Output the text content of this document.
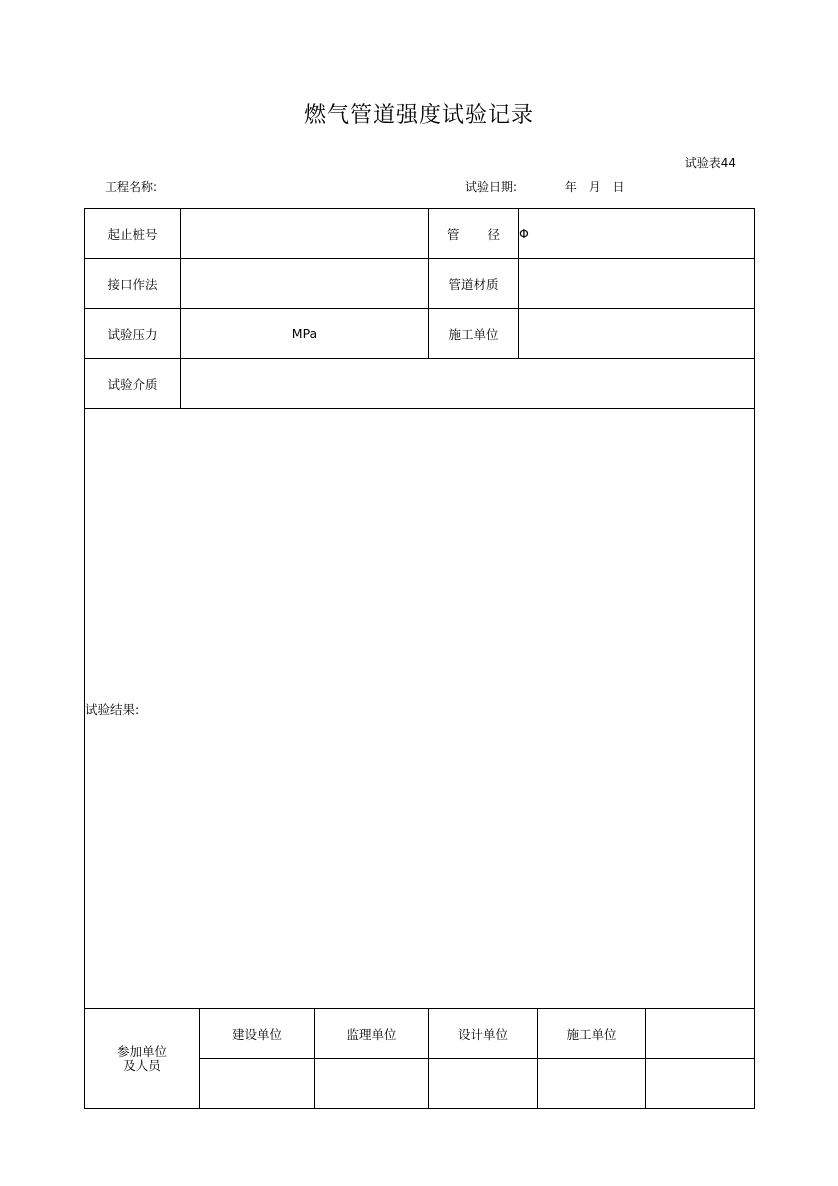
燃气管道强度试验记录
试验表44
工程名称:	试验日期:	年 月 日
起止桩号		管 径	Φ
接口作法		管道材质	
试验压力	MPa	施工单位	
试验介质			
试验结果:			
参加单位
及人员	建设单位	监理单位	设计单位	施工单位	
